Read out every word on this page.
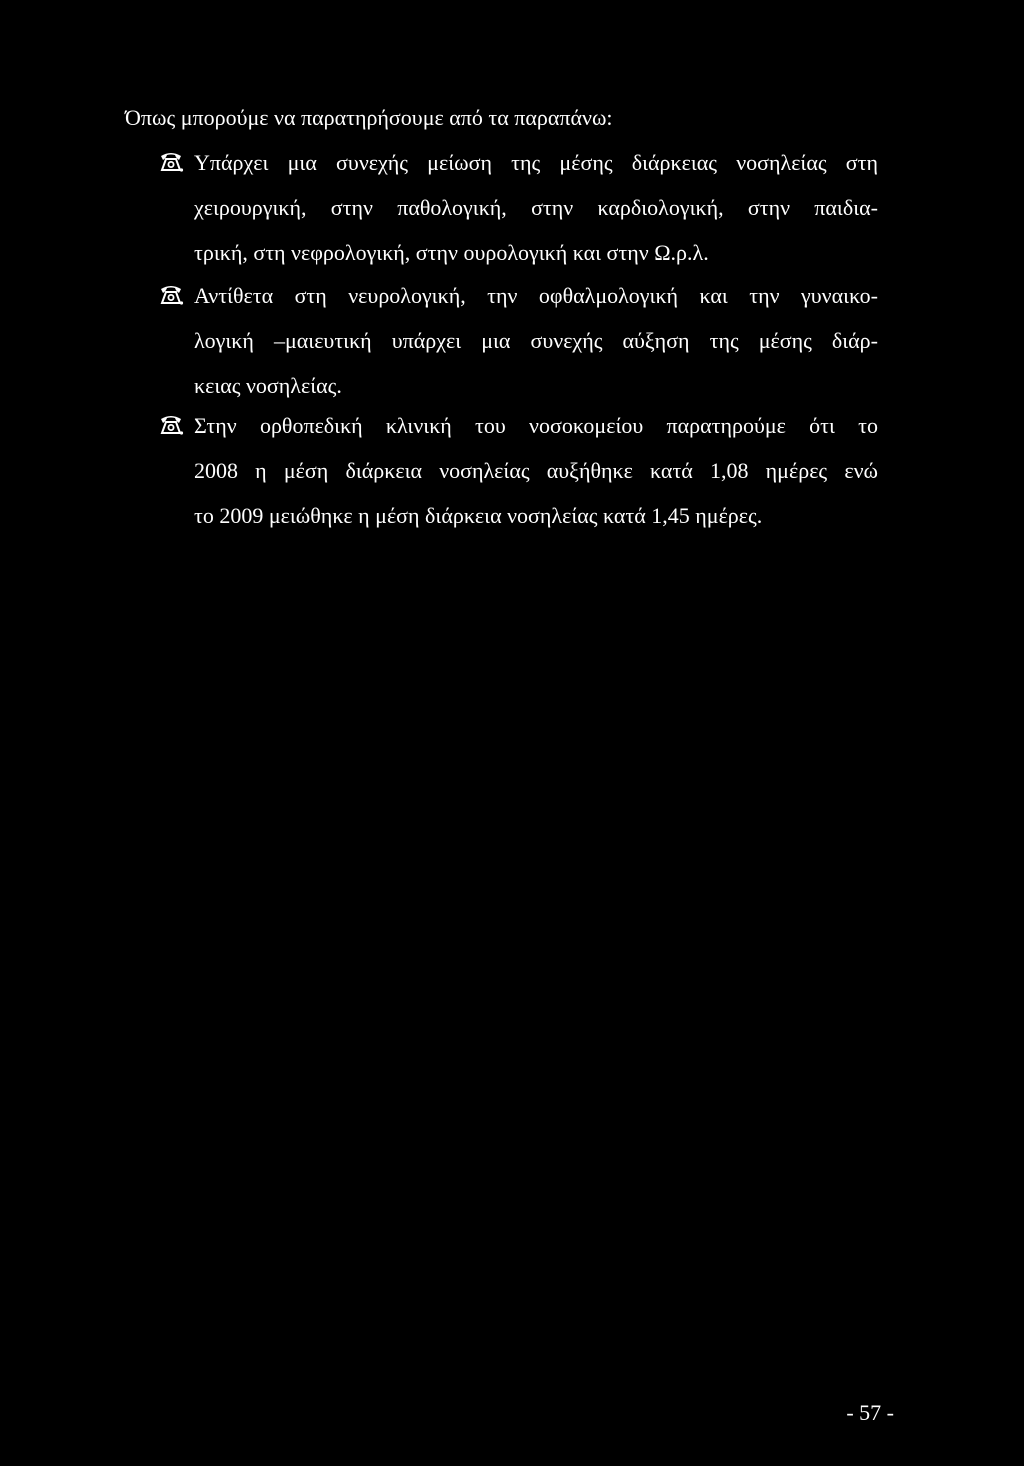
Όπως μπορούμε να παρατηρήσουμε από τα παραπάνω:

Υπάρχει μια συνεχής μείωση της μέσης διάρκειας νοσηλείας στη
χειρουργική, στην παθολογική, στην καρδιολογική, στην παιδια-
τρική, στη νεφρολογική, στην ουρολογική και στην Ω.ρ.λ.
Αντίθετα στη νευρολογική, την οφθαλμολογική και την γυναικο-
λογική –μαιευτική υπάρχει μια συνεχής αύξηση της μέσης διάρ-
κειας νοσηλείας.
Στην ορθοπεδική κλινική του νοσοκομείου παρατηρούμε ότι το
2008 η μέση διάρκεια νοσηλείας αυξήθηκε κατά 1,08 ημέρες ενώ
το 2009 μειώθηκε η μέση διάρκεια νοσηλείας κατά 1,45 ημέρες.
- 57 -
